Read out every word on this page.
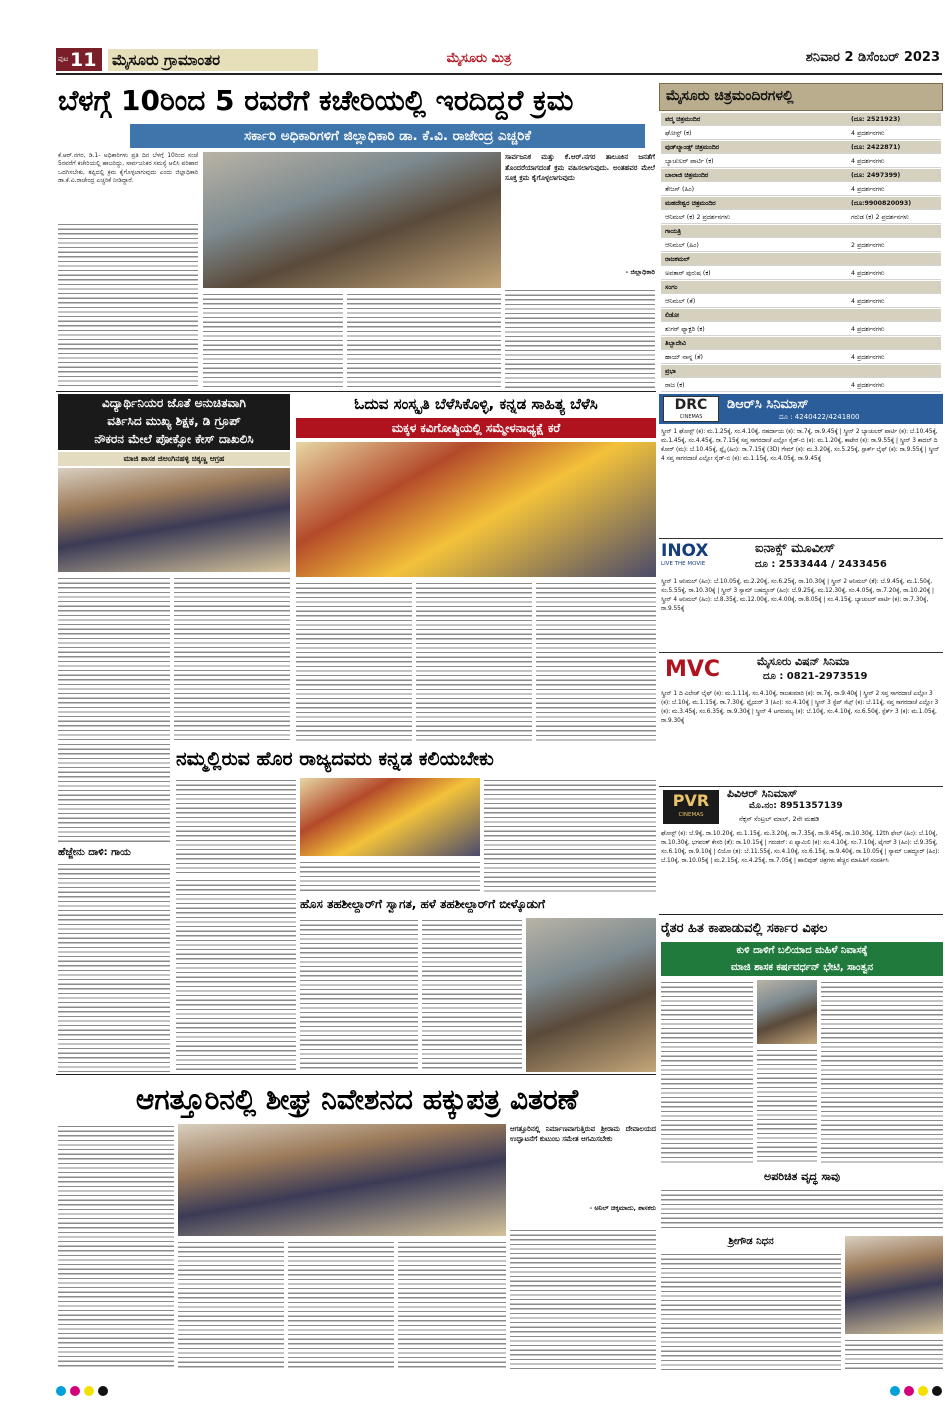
ಪುಟ 11 ಮೈಸೂರು ಗ್ರಾಮಾಂತರ	ಮೈಸೂರು ಮಿತ್ರ	ಶನಿವಾರ 2 ಡಿಸೆಂಬರ್ 2023
ಬೆಳಗ್ಗೆ 10ರಿಂದ 5 ರವರೆಗೆ ಕಚೇರಿಯಲ್ಲಿ ಇರದಿದ್ದರೆ ಕ್ರಮ
ಸರ್ಕಾರಿ ಅಧಿಕಾರಿಗಳಿಗೆ ಜಿಲ್ಲಾಧಿಕಾರಿ ಡಾ. ಕೆ.ವಿ. ರಾಜೇಂದ್ರ ಎಚ್ಚರಿಕೆ
ಕೆ.ಆರ್.ನಗರ, ಡಿ.1- ಅಧಿಕಾರಿಗಳು ಪ್ರತಿ ದಿನ ಬೆಳಗ್ಗೆ 10ರಿಂದ ಸಂಜೆ 5ರವರೆಗೆ ಕಚೇರಿಯಲ್ಲಿ ಹಾಜರಿದ್ದು, ಸಾರ್ವಜನಿಕರ ಸಮಸ್ಯೆ ಆಲಿಸಿ ಪರಿಹಾರ ಒದಗಿಸಬೇಕು, ತಪ್ಪಿದಲ್ಲಿ ಕ್ರಮ ಕೈಗೊಳ್ಳಲಾಗುವುದು ಎಂದು ಜಿಲ್ಲಾಧಿಕಾರಿ ಡಾ.ಕೆ.ವಿ.ರಾಜೇಂದ್ರ ಎಚ್ಚರಿಕೆ ನೀಡಿದ್ದಾರೆ.
ಸಾರ್ವಜನಿಕ ಮತ್ತು ಕೆ.ಆರ್.ನಗರ ತಾಲೂಕಿನ ಜನತೆಗೆ ತೊಂದರೆಯಾಗದಂತೆ ಕ್ರಮ ವಹಿಸಲಾಗುವುದು. ಅಂತಹವರ ಮೇಲೆ ಸೂಕ್ತ ಕ್ರಮ ಕೈಗೊಳ್ಳಲಾಗುವುದು
- ಜಿಲ್ಲಾಧಿಕಾರಿ
ವಿದ್ಯಾರ್ಥಿನಿಯರ ಜೊತೆ ಅನುಚಿತವಾಗಿ
ವರ್ತಿಸಿದ ಮುಖ್ಯ ಶಿಕ್ಷಕ, ಡಿ ಗ್ರೂಪ್
ನೌಕರನ ಮೇಲೆ ಪೋಕ್ಸೋ ಕೇಸ್ ದಾಖಲಿಸಿ
ಮಾಜಿ ಶಾಸಕ ಜಿಅಂಗಿನಹಳ್ಳಿ ಚಿಕ್ಕಣ್ಣ ಆಗ್ರಹ
ಓದುವ ಸಂಸ್ಕೃತಿ ಬೆಳೆಸಿಕೊಳ್ಳಿ, ಕನ್ನಡ ಸಾಹಿತ್ಯ ಬೆಳೆಸಿ
ಮಕ್ಕಳ ಕವಿಗೋಷ್ಠಿಯಲ್ಲಿ ಸಮ್ಮೇಳನಾಧ್ಯಕ್ಷೆ ಕರೆ
ಹೆಜ್ಜೇನು ದಾಳಿ: ಗಾಯ
ನಮ್ಮಲ್ಲಿರುವ ಹೊರ ರಾಜ್ಯದವರು ಕನ್ನಡ ಕಲಿಯಬೇಕು
ಹೊಸ ತಹಶೀಲ್ದಾರ್‌ಗೆ ಸ್ವಾಗತ, ಹಳೆ ತಹಶೀಲ್ದಾರ್‌ಗೆ ಬೀಳ್ಕೊಡುಗೆ
ಆಗತ್ತೂರಿನಲ್ಲಿ ಶೀಘ್ರ ನಿವೇಶನದ ಹಕ್ಕುಪತ್ರ ವಿತರಣೆ
ಆಗತ್ತೂರಿನಲ್ಲಿ ನಿರ್ಮಾಣವಾಗುತ್ತಿರುವ ಶ್ರೀರಾಮ ದೇವಾಲಯದ ಉದ್ಘಾಟನೆಗೆ ಕುಟುಂಬ ಸಮೇತ ಆಗಮಿಸಬೇಕು
- ಅನಿಲ್ ಚಿಕ್ಕಮಾದು, ಶಾಸಕರು
ಮೈಸೂರು ಚಿತ್ರಮಂದಿರಗಳಲ್ಲಿ
ಪದ್ಮ ಚಿತ್ರಮಂದಿರ	(ದೂ: 2521923)
ಘೋಸ್ಟ್ (ಕ)	4 ಪ್ರದರ್ಶನಗಳು
ವುಡ್‌ಲ್ಯಾಂಡ್ಸ್ ಚಿತ್ರಮಂದಿರ	(ದೂ: 2422871)
ಬ್ಯಾಚುಲರ್ ಪಾರ್ಟಿ (ಕ)	4 ಪ್ರದರ್ಶನಗಳು
ಬಾಲಾಜಿ ಚಿತ್ರಮಂದಿರ	(ದೂ: 2497399)
ತೇಜಸ್ (ಹಿಂ)	4 ಪ್ರದರ್ಶನಗಳು
ಮಹದೇಶ್ವರ ಚಿತ್ರಮಂದಿರ	(ದೂ:9900820093)
ಆನಿಮಲ್ (ಕ) 2 ಪ್ರದರ್ಶನಗಳು	ಗರುಡ (ಕ) 2 ಪ್ರದರ್ಶನಗಳು
ಗಾಯತ್ರಿ
ಆನಿಮಲ್ (ಹಿಂ)	2 ಪ್ರದರ್ಶನಗಳು
ರಾಜಕಮಲ್
ಅವತಾರ್ ಪುರುಷ (ಕ)	4 ಪ್ರದರ್ಶನಗಳು
ಸಂಗಂ
ಆನಿಮಲ್ (ತೆ)	4 ಪ್ರದರ್ಶನಗಳು
ಲಿಡೋ
ಶುಗರ್ ಫ್ಯಾಕ್ಟರಿ (ಕ)	4 ಪ್ರದರ್ಶನಗಳು
ತಿಬ್ಬಾದೇವಿ
ಹಾಯ್ ನಾನ್ನ (ತೆ)	4 ಪ್ರದರ್ಶನಗಳು
ಪ್ರಭಾ
ರಾಜ (ಕ)	4 ಪ್ರದರ್ಶನಗಳು
DRC
CINEMAS
ಡಿಆರ್‌ಸಿ ಸಿನಿಮಾಸ್
ದೂ : 4240422/4241800
ಸ್ಕ್ರೀನ್ 1 ಘೋಸ್ಟ್ (ಕ): ಮ.1.25ಕ್ಕೆ, ಸಂ.4.10ಕ್ಕೆ, ನಹರ್ದಾಯ (ಕ): ರಾ.7ಕ್ಕೆ, ರಾ.9.45ಕ್ಕೆ | ಸ್ಕ್ರೀನ್ 2 ಬ್ಯಾಚುಲರ್ ಪಾರ್ಟಿ (ಕ): ಬೆ.10.45ಕ್ಕೆ, ಮ.1.45ಕ್ಕೆ, ಸಂ.4.45ಕ್ಕೆ, ರಾ.7.15ಕ್ಕೆ ಸಪ್ತ ಸಾಗರದಾಚೆ ಎಲ್ಲೋ ಸೈಡ್-ಬಿ (ಕ): ಮ.1.20ಕ್ಕೆ, ಕಾಟೇರ (ಕ): ರಾ.9.55ಕ್ಕೆ | ಸ್ಕ್ರೀನ್ 3 ಕಾದಲ್ ದಿ ಕೋರ್ (ಮ): ಬೆ.10.45ಕ್ಕೆ, ಫ್ಲೈ (ಹಿಂ): ರಾ.7.15ಕ್ಕೆ (3D) ಗೇಮ್ (ಕ): ಮ.3.20ಕ್ಕೆ, ಸಂ.5.25ಕ್ಕೆ, ಸ್ಪಾರ್ಕ್ ಲೈಫ್ (ಕ): ರಾ.9.55ಕ್ಕೆ | ಸ್ಕ್ರೀನ್ 4 ಸಪ್ತ ಸಾಗರದಾಚೆ ಎಲ್ಲೋ ಸೈಡ್-ಬಿ (ಕ): ಮ.1.15ಕ್ಕೆ, ಸಂ.4.05ಕ್ಕೆ, ರಾ.9.45ಕ್ಕೆ
INOX
LIVE THE MOVIE
ಐನಾಕ್ಸ್ ಮೂವೀಸ್
ದೂ : 2533444 / 2433456
ಸ್ಕ್ರೀನ್ 1 ಆನಿಮಲ್ (ಹಿಂ): ಬೆ.10.05ಕ್ಕೆ, ಮ.2.20ಕ್ಕೆ, ಸಂ.6.25ಕ್ಕೆ, ರಾ.10.30ಕ್ಕೆ | ಸ್ಕ್ರೀನ್ 2 ಆನಿಮಲ್ (ತೆ): ಬೆ.9.45ಕ್ಕೆ, ಮ.1.50ಕ್ಕೆ, ಸಂ.5.55ಕ್ಕೆ, ರಾ.10.30ಕ್ಕೆ | ಸ್ಕ್ರೀನ್ 3 ಸ್ಯಾಮ್ ಬಹದ್ದೂರ್ (ಹಿಂ): ಬೆ.9.25ಕ್ಕೆ, ಮ.12.30ಕ್ಕೆ, ಸಂ.4.05ಕ್ಕೆ, ರಾ.7.20ಕ್ಕೆ, ರಾ.10.20ಕ್ಕೆ | ಸ್ಕ್ರೀನ್ 4 ಆನಿಮಲ್ (ಹಿಂ): ಬೆ.8.35ಕ್ಕೆ, ಮ.12.00ಕ್ಕೆ, ಸಂ.4.00ಕ್ಕೆ, ರಾ.8.05ಕ್ಕೆ | ಸಂ.4.15ಕ್ಕೆ, ಬ್ಯಾಚುಲರ್ ಪಾರ್ಟಿ (ಕ): ರಾ.7.30ಕ್ಕೆ, ರಾ.9.55ಕ್ಕೆ
MVC	ಮೈಸೂರು ವಿಷನ್ ಸಿನಿಮಾ
ದೂ : 0821-2973519
ಸ್ಕ್ರೀನ್ 1 ದಿ ವಿಲೇಜ್ ಲೈಫ್ (ಕ): ಮ.1.11ಕ್ಕೆ, ಸಂ.4.10ಕ್ಕೆ, ರಾಜಕುಮಾರಿ (ಕ): ರಾ.7ಕ್ಕೆ, ರಾ.9.40ಕ್ಕೆ | ಸ್ಕ್ರೀನ್ 2 ಸಪ್ತ ಸಾಗರದಾಚೆ ಎಲ್ಲೋ 3 (ಕ): ಬೆ.10ಕ್ಕೆ, ಮ.1.15ಕ್ಕೆ, ರಾ.7.30ಕ್ಕೆ, ಪ್ಲೈಯರ್ 3 (ಹಿಂ): ಸಂ.4.10ಕ್ಕೆ | ಸ್ಕ್ರೀನ್ 3 ಸ್ಟೆಪ್ ಸೆಟ್ಸ್ (ಕ): ಬೆ.11ಕ್ಕೆ, ಸಪ್ತ ಸಾಗರದಾಚೆ ಎಲ್ಲೋ 3 (ಕ): ಮ.3.45ಕ್ಕೆ, ಸಂ.6.35ಕ್ಕೆ, ರಾ.9.30ಕ್ಕೆ | ಸ್ಕ್ರೀನ್ 4 ಟಗರುಪಲ್ಯ (ಕ): ಬೆ.10ಕ್ಕೆ, ಸಂ.4.10ಕ್ಕೆ, ಸಂ.6.50ಕ್ಕೆ, ಸ್ಟೆರ್ಕ್ 3 (ಕ): ಮ.1.05ಕ್ಕೆ, ರಾ.9.30ಕ್ಕೆ
PVR
CINEMAS
ಪಿವಿಆರ್ ಸಿನಿಮಾಸ್
ಮೊ.ನಂ: 8951357139
ನೆಕ್ಸಸ್ ಸೆಂಟ್ರಲ್ ಮಾಲ್, 2ನೇ ಮಹಡಿ
ಘೋಸ್ಟ್ (ಕ): ಬೆ.9ಕ್ಕೆ, ರಾ.10.20ಕ್ಕೆ, ಮ.1.15ಕ್ಕೆ, ಮ.3.20ಕ್ಕೆ, ರಾ.7.35ಕ್ಕೆ, ರಾ.9.45ಕ್ಕೆ, ರಾ.10.30ಕ್ಕೆ, 12th ಫೇಲ್ (ಹಿಂ): ಬೆ.10ಕ್ಕೆ, ರಾ.10.30ಕ್ಕೆ, ಭಗವಂತ್ ಕೇಸರಿ (ತೆ): ರಾ.10.15ಕ್ಕೆ | ಗರುಡನ್: ಏ ಫ್ಯಾಮಿಲಿ (ಕ): ಸಂ.4.10ಕ್ಕೆ, ಸಂ.7.10ಕ್ಕೆ, ಟೈಗರ್ 3 (ಹಿಂ): ಬೆ.9.35ಕ್ಕೆ, ಸಂ.6.10ಕ್ಕೆ, ರಾ.9.10ಕ್ಕೆ | ಲಿಯೋ (ತ): ಬೆ.11.55ಕ್ಕೆ, ಸಂ.4.10ಕ್ಕೆ, ಸಂ.6.15ಕ್ಕೆ, ರಾ.9.40ಕ್ಕೆ, ರಾ.10.05ಕ್ಕೆ | ಸ್ಯಾಮ್ ಬಹದ್ದೂರ್ (ಹಿಂ): ಬೆ.10ಕ್ಕೆ, ರಾ.10.05ಕ್ಕೆ | ಮ.2.15ಕ್ಕೆ, ಸಂ.4.25ಕ್ಕೆ, ರಾ.7.05ಕ್ಕೆ | ಹಾಲಿವುಡ್ ಚಿತ್ರಗಳು ಹೆಚ್ಚಿನ ಮಾಹಿತಿಗೆ ಸಂಪರ್ಕಿಸಿ
ರೈತರ ಹಿತ ಕಾಪಾಡುವಲ್ಲಿ ಸರ್ಕಾರ ವಿಫಲ
ಕುಳಿ ದಾಳಿಗೆ ಬಲಿಯಾದ ಮಹಿಳೆ ನಿವಾಸಕ್ಕೆ
ಮಾಜಿ ಶಾಸಕ ಕರ್ಷವರ್ಧನ್ ಭೇಟಿ, ಸಾಂತ್ವನ
ಅಪರಿಚಿತ ವೃದ್ಧ ಸಾವು
ಶ್ರೀಗೌಡ ನಿಧನ
